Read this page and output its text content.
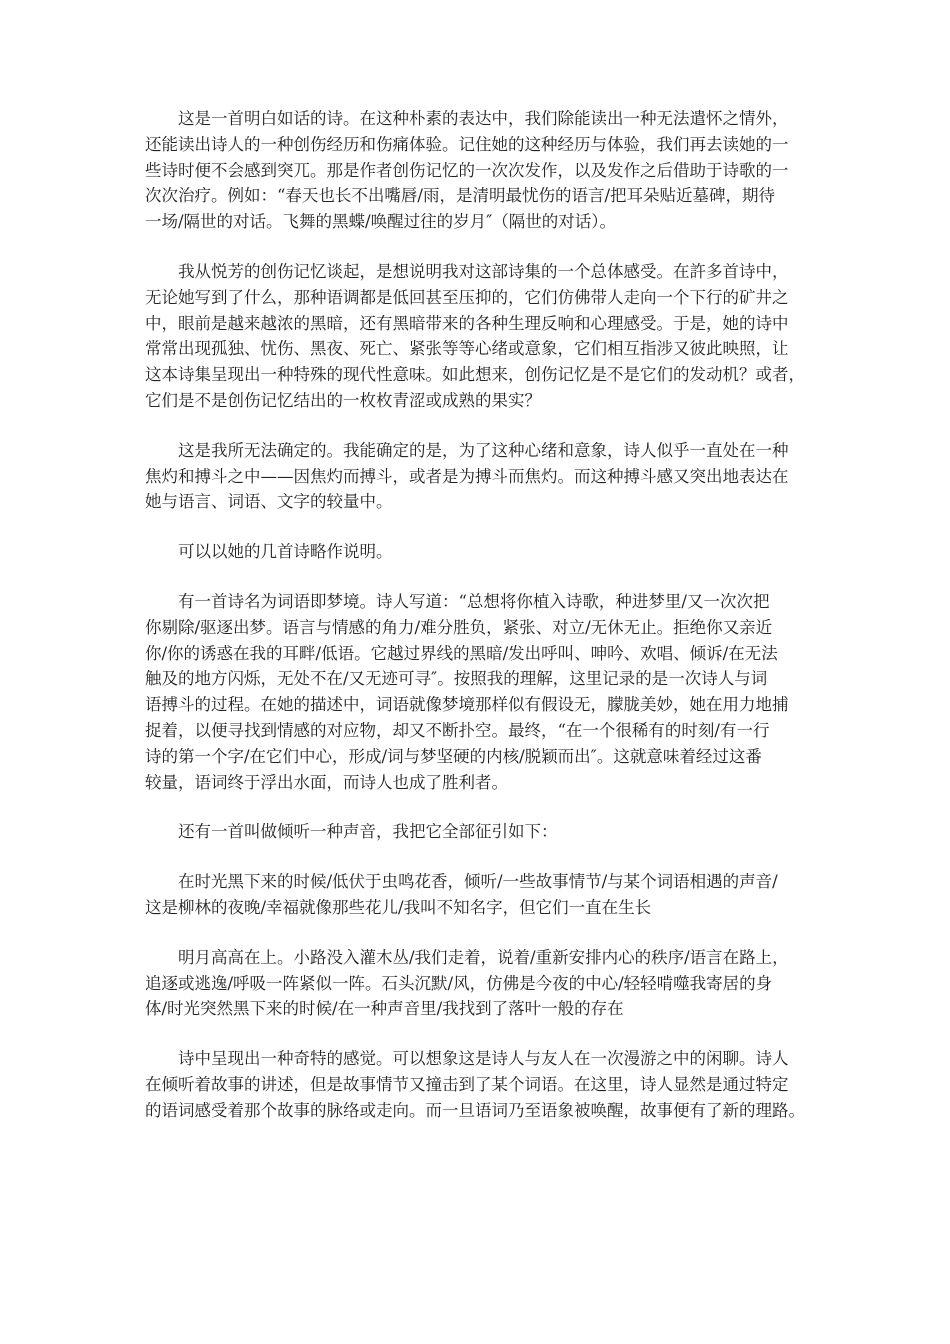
这是一首明白如话的诗。在这种朴素的表达中，我们除能读出一种无法遣怀之情外，
还能读出诗人的一种创伤经历和伤痛体验。记住她的这种经历与体验，我们再去读她的一
些诗时便不会感到突兀。那是作者创伤记忆的一次次发作，以及发作之后借助于诗歌的一
次次治疗。例如：“春天也长不出嘴唇/雨，是清明最忧伤的语言/把耳朵贴近墓碑，期待
一场/隔世的对话。飞舞的黑蝶/唤醒过往的岁月″（隔世的对话）。

我从悦芳的创伤记忆谈起，是想说明我对这部诗集的一个总体感受。在許多首诗中，
无论她写到了什么，那种语调都是低回甚至压抑的，它们仿佛带人走向一个下行的矿井之
中，眼前是越来越浓的黑暗，还有黑暗带来的各种生理反响和心理感受。于是，她的诗中
常常出现孤独、忧伤、黑夜、死亡、紧张等等心绪或意象，它们相互指涉又彼此映照，让
这本诗集呈现出一种特殊的现代性意味。如此想来，创伤记忆是不是它们的发动机？或者，
它们是不是创伤记忆结出的一枚枚青涩或成熟的果实？

这是我所无法确定的。我能确定的是，为了这种心绪和意象，诗人似乎一直处在一种
焦灼和搏斗之中——因焦灼而搏斗，或者是为搏斗而焦灼。而这种搏斗感又突出地表达在
她与语言、词语、文字的较量中。

可以以她的几首诗略作说明。

有一首诗名为词语即梦境。诗人写道：“总想将你植入诗歌，种进梦里/又一次次把
你剔除/驱逐出梦。语言与情感的角力/难分胜负，紧张、对立/无休无止。拒绝你又亲近
你/你的诱惑在我的耳畔/低语。它越过界线的黑暗/发出呼叫、呻吟、欢唱、倾诉/在无法
触及的地方闪烁，无处不在/又无迹可寻″。按照我的理解，这里记录的是一次诗人与词
语搏斗的过程。在她的描述中，词语就像梦境那样似有假设无，朦胧美妙，她在用力地捕
捉着，以便寻找到情感的对应物，却又不断扑空。最终，“在一个很稀有的时刻/有一行
诗的第一个字/在它们中心，形成/词与梦坚硬的内核/脱颖而出″。这就意味着经过这番
较量，语词终于浮出水面，而诗人也成了胜利者。

还有一首叫做倾听一种声音，我把它全部征引如下：

在时光黑下来的时候/低伏于虫鸣花香，倾听/一些故事情节/与某个词语相遇的声音/
这是柳林的夜晚/幸福就像那些花儿/我叫不知名字，但它们一直在生长

明月高高在上。小路没入灌木丛/我们走着，说着/重新安排内心的秩序/语言在路上，
追逐或逃逸/呼吸一阵紧似一阵。石头沉默/风，仿佛是今夜的中心/轻轻啃噬我寄居的身
体/时光突然黑下来的时候/在一种声音里/我找到了落叶一般的存在

诗中呈现出一种奇特的感觉。可以想象这是诗人与友人在一次漫游之中的闲聊。诗人
在倾听着故事的讲述，但是故事情节又撞击到了某个词语。在这里，诗人显然是通过特定
的语词感受着那个故事的脉络或走向。而一旦语词乃至语象被唤醒，故事便有了新的理路。
